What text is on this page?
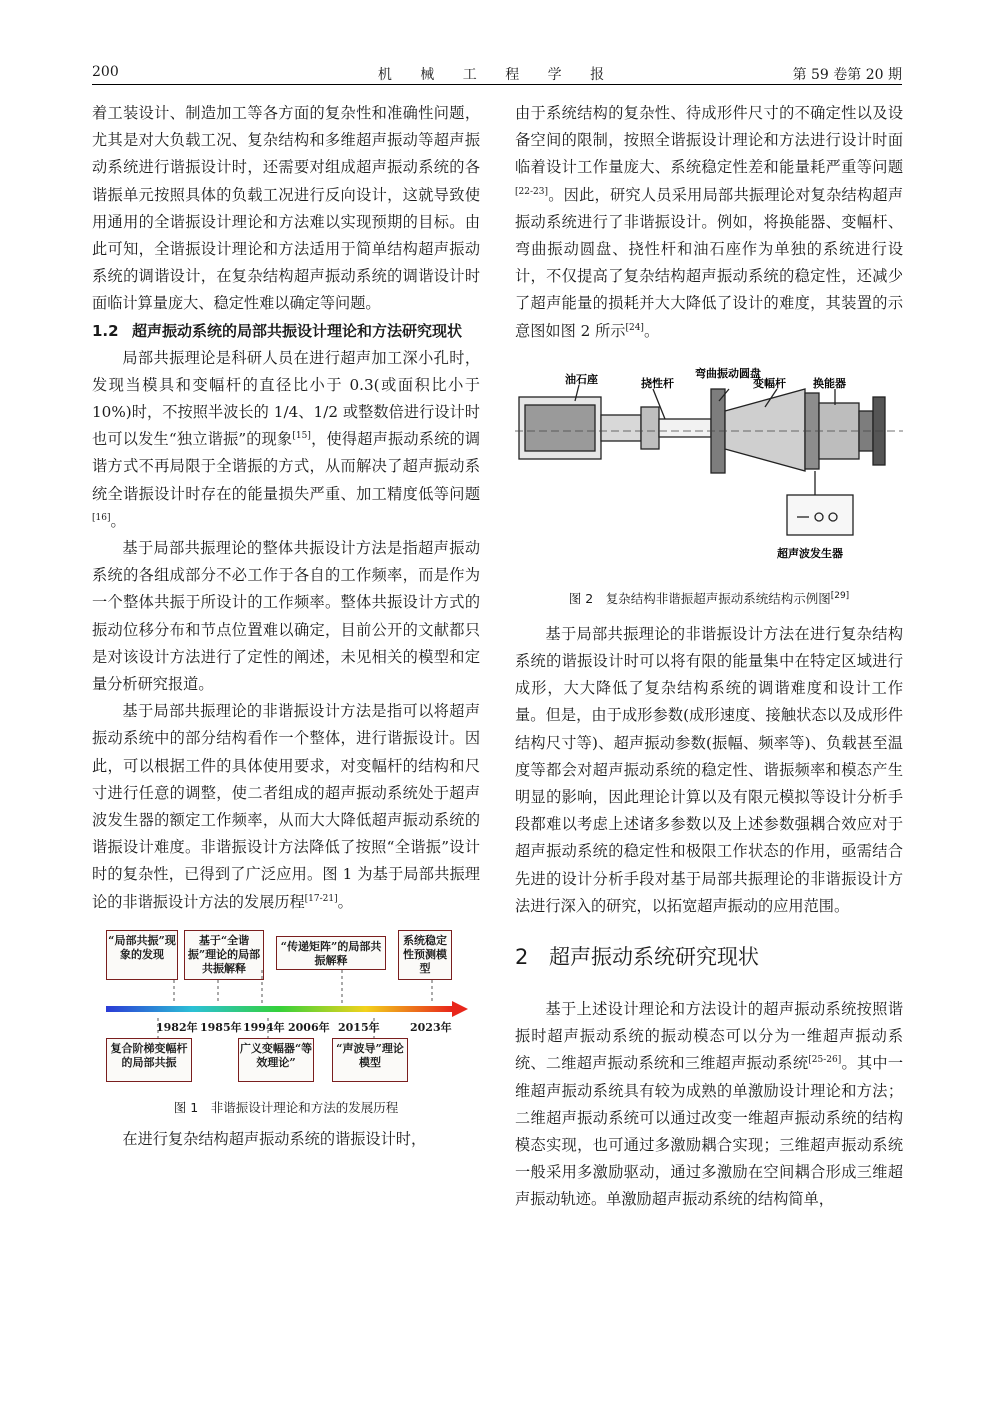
200	机 械 工 程 学 报	第 59 卷第 20 期

着工装设计、制造加工等各方面的复杂性和准确性问题，尤其是对大负载工况、复杂结构和多维超声振动等超声振动系统进行谐振设计时，还需要对组成超声振动系统的各谐振单元按照具体的负载工况进行反向设计，这就导致使用通用的全谐振设计理论和方法难以实现预期的目标。由此可知，全谐振设计理论和方法适用于简单结构超声振动系统的调谐设计，在复杂结构超声振动系统的调谐设计时面临计算量庞大、稳定性难以确定等问题。

1.2 超声振动系统的局部共振设计理论和方法研究现状

局部共振理论是科研人员在进行超声加工深小孔时，发现当模具和变幅杆的直径比小于 0.3(或面积比小于 10%)时，不按照半波长的 1/4、1/2 或整数倍进行设计时也可以发生“独立谐振”的现象[15]，使得超声振动系统的调谐方式不再局限于全谐振的方式，从而解决了超声振动系统全谐振设计时存在的能量损失严重、加工精度低等问题[16]。

基于局部共振理论的整体共振设计方法是指超声振动系统的各组成部分不必工作于各自的工作频率，而是作为一个整体共振于所设计的工作频率。整体共振设计方式的振动位移分布和节点位置难以确定，目前公开的文献都只是对该设计方法进行了定性的阐述，未见相关的模型和定量分析研究报道。

基于局部共振理论的非谐振设计方法是指可以将超声振动系统中的部分结构看作一个整体，进行谐振设计。因此，可以根据工件的具体使用要求，对变幅杆的结构和尺寸进行任意的调整，使二者组成的超声振动系统处于超声波发生器的额定工作频率，从而大大降低超声振动系统的谐振设计难度。非谐振设计方法降低了按照“全谐振”设计时的复杂性，已得到了广泛应用。图 1 为基于局部共振理论的非谐振设计方法的发展历程[17-21]。

“局部共振”现象的发现
基于“全谐振”理论的局部共振解释
“传递矩阵”的局部共振解释
系统稳定性预测模型
1982年 1985年 1994年 2006年 2015年	2023年
复合阶梯变幅杆的局部共振
广义变幅器“等效理论”
“声波导”理论模型
图 1　非谐振设计理论和方法的发展历程

在进行复杂结构超声振动系统的谐振设计时，

由于系统结构的复杂性、待成形件尺寸的不确定性以及设备空间的限制，按照全谐振设计理论和方法进行设计时面临着设计工作量庞大、系统稳定性差和能量耗严重等问题[22-23]。因此，研究人员采用局部共振理论对复杂结构超声振动系统进行了非谐振设计。例如，将换能器、变幅杆、弯曲振动圆盘、挠性杆和油石座作为单独的系统进行设计，不仅提高了复杂结构超声振动系统的稳定性，还减少了超声能量的损耗并大大降低了设计的难度，其装置的示意图如图 2 所示[24]。

油石座	挠性杆
弯曲振动圆盘
变幅杆 换能器
超声波发生器
图 2　复杂结构非谐振超声振动系统结构示例图[29]

基于局部共振理论的非谐振设计方法在进行复杂结构系统的谐振设计时可以将有限的能量集中在特定区域进行成形，大大降低了复杂结构系统的调谐难度和设计工作量。但是，由于成形参数(成形速度、接触状态以及成形件结构尺寸等)、超声振动参数(振幅、频率等)、负载甚至温度等都会对超声振动系统的稳定性、谐振频率和模态产生明显的影响，因此理论计算以及有限元模拟等设计分析手段都难以考虑上述诸多参数以及上述参数强耦合效应对于超声振动系统的稳定性和极限工作状态的作用，亟需结合先进的设计分析手段对基于局部共振理论的非谐振设计方法进行深入的研究，以拓宽超声振动的应用范围。

2 超声振动系统研究现状

基于上述设计理论和方法设计的超声振动系统按照谐振时超声振动系统的振动模态可以分为一维超声振动系统、二维超声振动系统和三维超声振动系统[25-26]。其中一维超声振动系统具有较为成熟的单激励设计理论和方法；二维超声振动系统可以通过改变一维超声振动系统的结构模态实现，也可通过多激励耦合实现；三维超声振动系统一般采用多激励驱动，通过多激励在空间耦合形成三维超声振动轨迹。单激励超声振动系统的结构简单，
